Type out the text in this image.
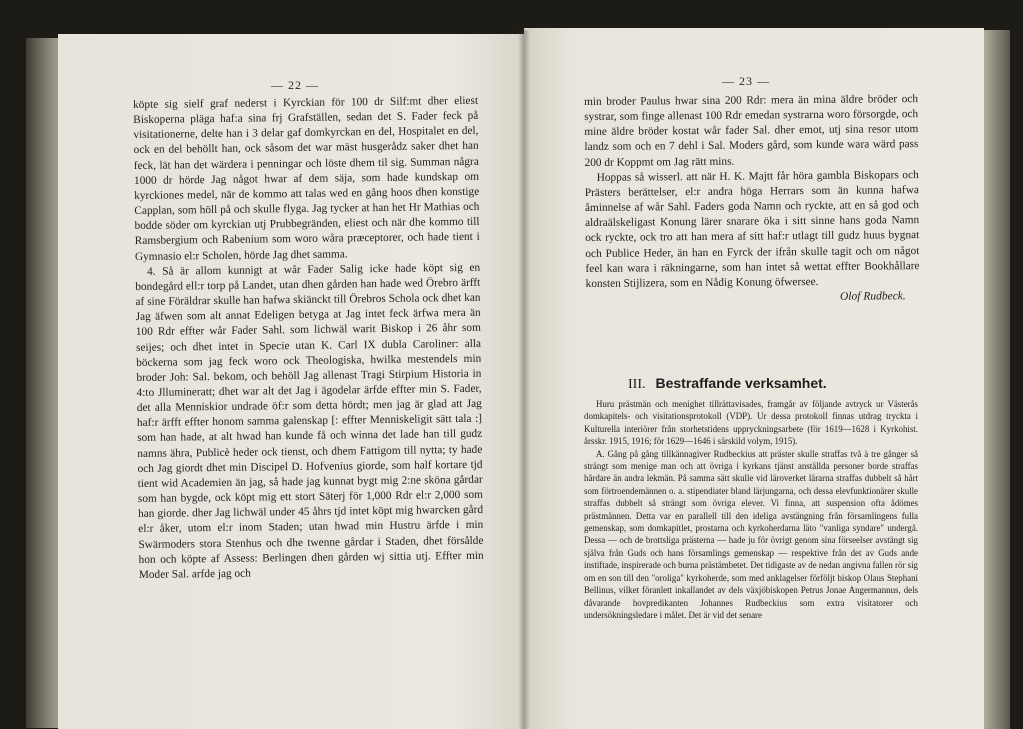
— 22 —

köpte sig sielf graf nederst i Kyrckian för 100 dr Silf:mt dher eliest Biskoperna pläga haf:a sina frj Grafställen, sedan det S. Fader feck på visitationerne, delte han i 3 delar gaf domkyrckan en del, Hospitalet en del, ock en del behöllt han, ock såsom det war mäst husgerådz saker dhet han feck, lät han det wärdera i penningar och löste dhem til sig. Summan några 1000 dr hörde Jag något hwar af dem säja, som hade kundskap om kyrckiones medel, när de kommo att talas wed en gång hoos dhen konstige Capplan, som höll på och skulle flyga. Jag tycker at han het Hr Mathias och bodde söder om kyrckian utj Prubbegränden, eliest och när dhe kommo till Ramsbergium och Rabenium som woro wåra præceptorer, och hade tient i Gymnasio el:r Scholen, hörde Jag dhet samma.

4. Så är allom kunnigt at wår Fader Salig icke hade köpt sig en bondegård ell:r torp på Landet, utan dhen gården han hade wed Örebro ärfft af sine Föräldrar skulle han hafwa skiänckt till Örebros Schola ock dhet kan Jag äfwen som alt annat Edeligen betyga at Jag intet feck ärfwa mera än 100 Rdr effter wår Fader Sahl. som lichwäl warit Biskop i 26 åhr som seijes; och dhet intet in Specie utan K. Carl IX dubla Caroliner: alla böckerna som jag feck woro ock Theologiska, hwilka mestendels min broder Joh: Sal. bekom, och behöll Jag allenast Tragi Stirpium Historia in 4:to Jllumineratt; dhet war alt det Jag i ägodelar ärfde effter min S. Fader, det alla Menniskior undrade öf:r som detta hördt; men jag är glad att Jag haf:r ärfft effter honom samma galenskap [: effter Menniskeligit sätt tala :] som han hade, at alt hwad han kunde få och winna det lade han till gudz namns ähra, Publicè heder ock tienst, och dhem Fattigom till nytta; ty hade och Jag giordt dhet min Discipel D. Hofvenius giorde, som half kortare tjd tient wid Academien än jag, så hade jag kunnat bygt mig 2:ne sköna gårdar som han bygde, ock köpt mig ett stort Säterj för 1,000 Rdr el:r 2,000 som han giorde. dher Jag lichwäl under 45 åhrs tjd intet köpt mig hwarcken gård el:r åker, utom el:r inom Staden; utan hwad min Hustru ärfde i min Swärmoders stora Stenhus och dhe twenne gårdar i Staden, dhet försålde hon och köpte af Assess: Berlingen dhen gården wj sittia utj. Effter min Moder Sal. arfde jag och

— 23 —

min broder Paulus hwar sina 200 Rdr: mera än mina äldre bröder och systrar, som finge allenast 100 Rdr emedan systrarna woro försorgde, och mine äldre bröder kostat wår fader Sal. dher emot, utj sina resor utom landz som och en 7 dehl i Sal. Moders gård, som kunde wara wärd pass 200 dr Koppmt om Jag rätt mins.

Hoppas så wisserl. att när H. K. Majtt får höra gambla Biskopars och Prästers berättelser, el:r andra höga Herrars som än kunna hafwa åminnelse af wår Sahl. Faders goda Namn och ryckte, att en så god och aldraälskeligast Konung lärer snarare öka i sitt sinne hans goda Namn ock ryckte, ock tro att han mera af sitt haf:r utlagt till gudz huus bygnat och Publice Heder, än han en Fyrck der ifrån skulle tagit och om något feel kan wara i räkningarne, som han intet så wettat effter Bookhållare konsten Stijlizera, som en Nådig Konung öfwersee.

Olof Rudbeck.

III. Bestraffande verksamhet.

Huru prästmän och menighet tillrättavisades, framgår av följande avtryck ur Västerås domkapitels- och visitationsprotokoll (VDP). Ur dessa protokoll finnas utdrag tryckta i Kulturella interiörer från storhetstidens uppryckningsarbete (för 1619—1628 i Kyrkohist. årsskr. 1915, 1916; för 1629—1646 i särskild volym, 1915).

A. Gång på gång tillkännagiver Rudbeckius att präster skulle straffas två à tre gånger så strängt som menige man och att övriga i kyrkans tjänst anställda personer borde straffas hårdare än andra lekmän. På samma sätt skulle vid läroverket lärarna straffas dubbelt så hårt som förtroendemännen o. a. stipendiater bland lärjungarna, och dessa elevfunktionärer skulle straffas dubbelt så strängt som övriga elever. Vi finna, att suspension ofta ådömes prästmännen. Detta var en parallell till den ideliga avstängning från församlingens fulla gemenskap, som domkapitlet, prostarna och kyrkoherdarna läto "vanliga syndare" undergå. Dessa — och de brottsliga prästerna — hade ju för övrigt genom sina förseelser avstängt sig själva från Guds och hans församlings gemenskap — respektive från det av Guds ande instiftade, inspirerade och burna prästämbetet. Det tidigaste av de nedan angivna fallen rör sig om en son till den "oroliga" kyrkoherde, som med anklagelser förföljt biskop Olaus Stephani Bellinus, vilket föranlett inkallandet av dels växjöbiskopen Petrus Jonae Angermannus, dels dåvarande hovpredikanten Johannes Rudbeckius som extra visitatorer och undersökningsledare i målet. Det är vid det senare
